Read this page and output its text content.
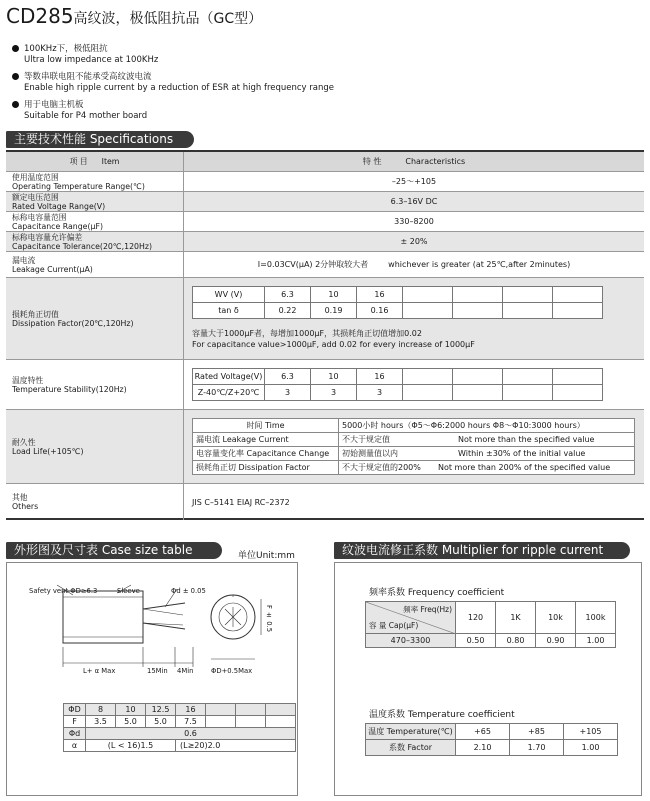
CD285高纹波，极低阻抗品（GC型）
100KHz下，极低阻抗
Ultra low impedance at 100KHz
等数串联电阻不能承受高纹波电流
Enable high ripple current by a reduction of ESR at high frequency range
用于电脑主机板
Suitable for P4 mother board
主要技术性能 Specifications
项 目 Item	特 性	Characteristics
使用温度范围
Operating Temperature Range(℃)	–25～+105
额定电压范围
Rated Voltage Range(V)	6.3–16V DC
标称电容量范围
Capacitance Range(μF)	330–8200
标称电容量允许偏差
Capacitance Tolerance(20℃,120Hz)	± 20%
漏电流
Leakage Current(μA)	I=0.03CV(μA) 2分钟取较大者	whichever is greater (at 25℃,after 2minutes)
损耗角正切值
Dissipation Factor(20℃,120Hz)
WV (V)	6.3	10	16				
tan δ	0.22	0.19	0.16				
容量大于1000μF者，每增加1000μF，其损耗角正切值增加0.02
For capacitance value>1000μF, add 0.02 for every increase of 1000μF
温度特性
Temperature Stability(120Hz)
Rated Voltage(V)	6.3	10	16				
Z-40℃/Z+20℃	3	3	3				
耐久性
Load Life(+105℃)
时间 Time	5000小时 hours（Φ5～Φ6:2000 hours Φ8～Φ10:3000 hours）
漏电流 Leakage Current	不大于规定值 Not more than the specified value
电容量变化率 Capacitance Change	初始测量值以内 Within ±30% of the initial value
损耗角正切 Dissipation Factor	不大于规定值的200% Not more than 200% of the specified value
其他
Others	JIS C–5141 EIAJ RC–2372
外形图及尺寸表 Case size table	单位Unit:mm
Safety vent ΦD≥6.3	Sleeve	Φd ± 0.05
F ± 0.5
L+ α Max	15Min 4Min	ΦD+0.5Max
ΦD	8	10	12.5	16			
F	3.5	5.0	5.0	7.5			
Φd	0.6						
α	(L < 16)1.5			(L≥20)2.0			
纹波电流修正系数 Multiplier for ripple current
频率系数 Frequency coefficient
频率 Freq(Hz)
容 量 Cap(μF)	120	1K	10k	100k
470–3300	0.50	0.80	0.90	1.00
温度系数 Temperature coefficient
温度 Temperature(℃)	+65	+85	+105
系数 Factor	2.10	1.70	1.00
